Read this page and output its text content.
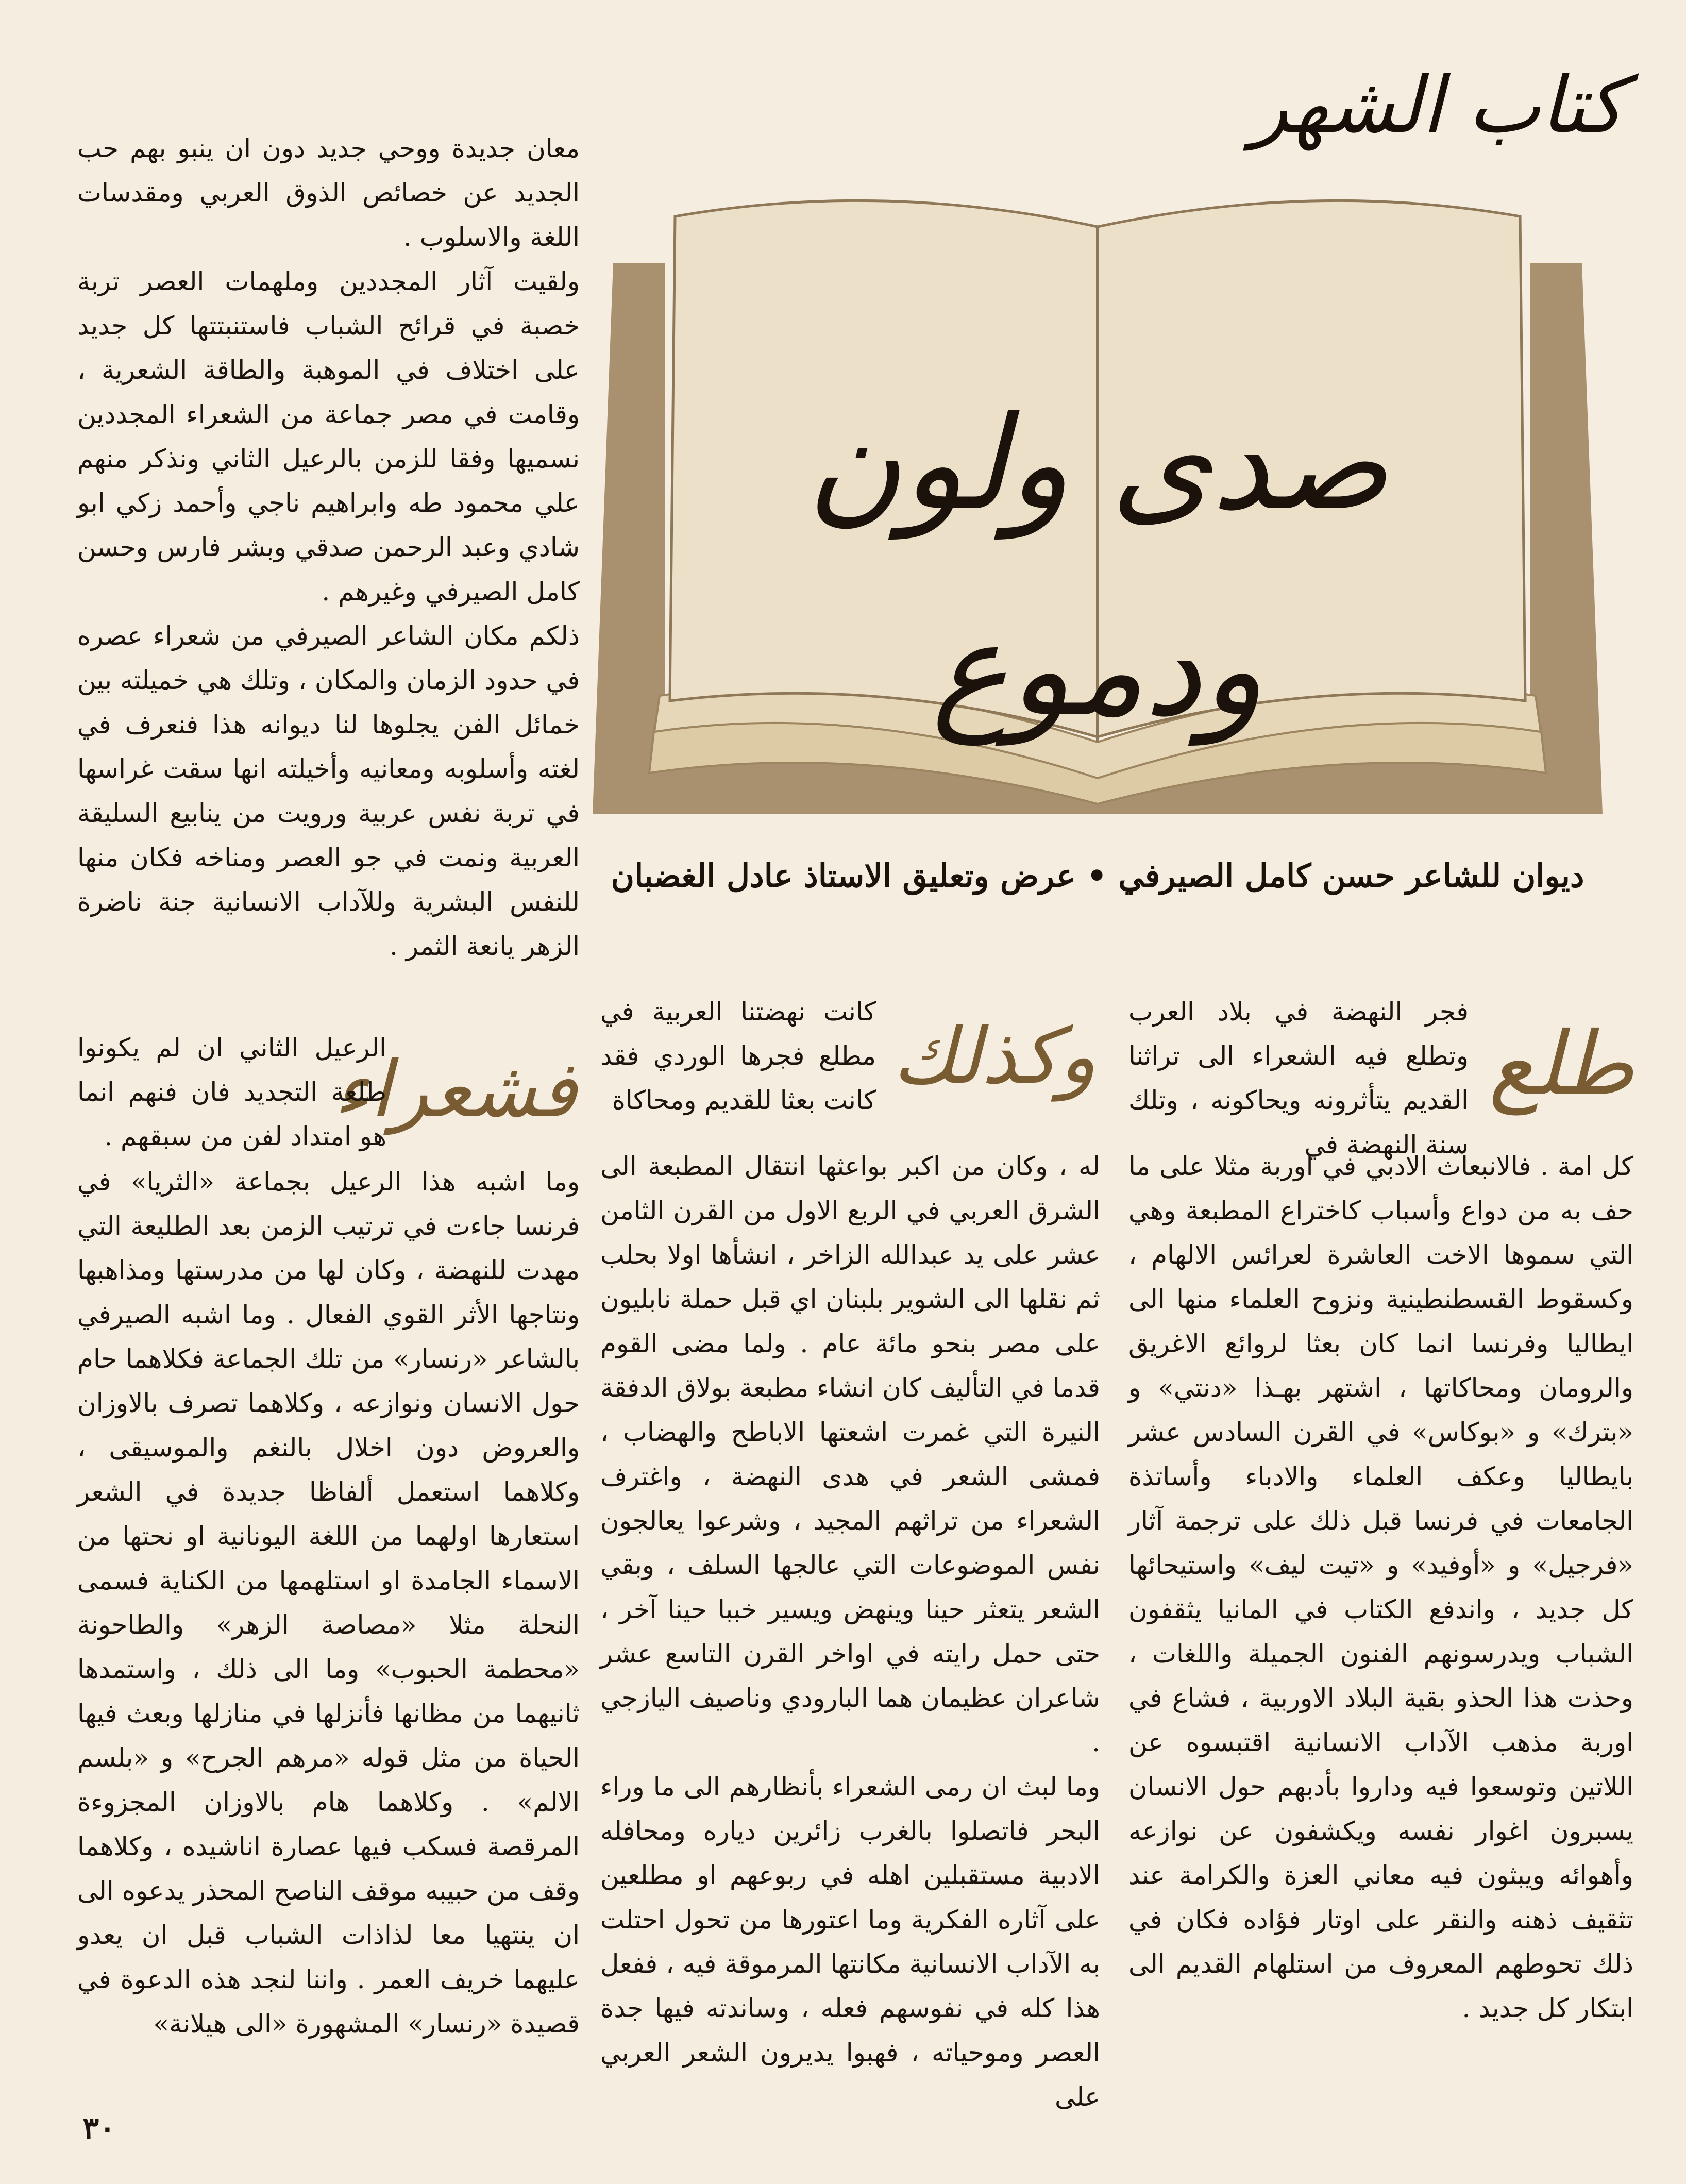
كتاب الشهر
صدى ولون ودموع
ديوان للشاعر حسن كامل الصيرفي • عرض وتعليق الاستاذ عادل الغضبان
طلع
فجر النهضة في بلاد العرب وتطلع فيه الشعراء الى تراثنا القديم يتأثرونه ويحاكونه ، وتلك سنة النهضة في
كل امة . فالانبعاث الادبي في اوربة مثلا على ما حف به من دواع وأسباب كاختراع المطبعة وهي التي سموها الاخت العاشرة لعرائس الالهام ، وكسقوط القسطنطينية ونزوح العلماء منها الى ايطاليا وفرنسا انما كان بعثا لروائع الاغريق والرومان ومحاكاتها ، اشتهر بهـذا «دنتي» و «بترك» و «بوكاس» في القرن السادس عشر بايطاليا وعكف العلماء والادباء وأساتذة الجامعات في فرنسا قبل ذلك على ترجمة آثار «فرجيل» و «أوفيد» و «تيت ليف» واستيحائها كل جديد ، واندفع الكتاب في المانيا يثقفون الشباب ويدرسونهم الفنون الجميلة واللغات ، وحذت هذا الحذو بقية البلاد الاوربية ، فشاع في اوربة مذهب الآداب الانسانية اقتبسوه عن اللاتين وتوسعوا فيه وداروا بأدبهم حول الانسان يسبرون اغوار نفسه ويكشفون عن نوازعه وأهوائه ويبثون فيه معاني العزة والكرامة عند تثقيف ذهنه والنقر على اوتار فؤاده فكان في ذلك تحوطهم المعروف من استلهام القديم الى ابتكار كل جديد .
وكذلك
كانت نهضتنا العربية في مطلع فجرها الوردي فقد كانت بعثا للقديم ومحاكاة

له ، وكان من اكبر بواعثها انتقال المطبعة الى الشرق العربي في الربع الاول من القرن الثامن عشر على يد عبدالله الزاخر ، انشأها اولا بحلب ثم نقلها الى الشوير بلبنان اي قبل حملة نابليون على مصر بنحو مائة عام . ولما مضى القوم قدما في التأليف كان انشاء مطبعة بولاق الدفقة النيرة التي غمرت اشعتها الاباطح والهضاب ، فمشى الشعر في هدى النهضة ، واغترف الشعراء من تراثهم المجيد ، وشرعوا يعالجون نفس الموضوعات التي عالجها السلف ، وبقي الشعر يتعثر حينا وينهض ويسير خببا حينا آخر ، حتى حمل رايته في اواخر القرن التاسع عشر شاعران عظيمان هما البارودي وناصيف اليازجي .

وما لبث ان رمى الشعراء بأنظارهم الى ما وراء البحر فاتصلوا بالغرب زائرين دياره ومحافله الادبية مستقبلين اهله في ربوعهم او مطلعين على آثاره الفكرية وما اعتورها من تحول احتلت به الآداب الانسانية مكانتها المرموقة فيه ، ففعل هذا كله في نفوسهم فعله ، وساندته فيها جدة العصر وموحياته ، فهبوا يديرون الشعر العربي على

معان جديدة ووحي جديد دون ان ينبو بهم حب الجديد عن خصائص الذوق العربي ومقدسات اللغة والاسلوب .

ولقيت آثار المجددين وملهمات العصر تربة خصبة في قرائح الشباب فاستنبتتها كل جديد على اختلاف في الموهبة والطاقة الشعرية ، وقامت في مصر جماعة من الشعراء المجددين نسميها وفقا للزمن بالرعيل الثاني ونذكر منهم علي محمود طه وابراهيم ناجي وأحمد زكي ابو شادي وعبد الرحمن صدقي وبشر فارس وحسن كامل الصيرفي وغيرهم .

ذلكم مكان الشاعر الصيرفي من شعراء عصره في حدود الزمان والمكان ، وتلك هي خميلته بين خمائل الفن يجلوها لنا ديوانه هذا فنعرف في لغته وأسلوبه ومعانيه وأخيلته انها سقت غراسها في تربة نفس عربية ورويت من ينابيع السليقة العربية ونمت في جو العصر ومناخه فكان منها للنفس البشرية وللآداب الانسانية جنة ناضرة الزهر يانعة الثمر .

فشعراء
الرعيل الثاني ان لم يكونوا طلعة التجديد فان فنهم انما هو امتداد لفن من سبقهم .
وما اشبه هذا الرعيل بجماعة «الثريا» في فرنسا جاءت في ترتيب الزمن بعد الطليعة التي مهدت للنهضة ، وكان لها من مدرستها ومذاهبها ونتاجها الأثر القوي الفعال . وما اشبه الصيرفي بالشاعر «رنسار» من تلك الجماعة فكلاهما حام حول الانسان ونوازعه ، وكلاهما تصرف بالاوزان والعروض دون اخلال بالنغم والموسيقى ، وكلاهما استعمل ألفاظا جديدة في الشعر استعارها اولهما من اللغة اليونانية او نحتها من الاسماء الجامدة او استلهمها من الكناية فسمى النحلة مثلا «مصاصة الزهر» والطاحونة «محطمة الحبوب» وما الى ذلك ، واستمدها ثانيهما من مظانها فأنزلها في منازلها وبعث فيها الحياة من مثل قوله «مرهم الجرح» و «بلسم الالم» . وكلاهما هام بالاوزان المجزوءة المرقصة فسكب فيها عصارة اناشيده ، وكلاهما وقف من حبيبه موقف الناصح المحذر يدعوه الى ان ينتهيا معا لذاذات الشباب قبل ان يعدو عليهما خريف العمر . واننا لنجد هذه الدعوة في قصيدة «رنسار» المشهورة «الى هيلانة»
٣٠
